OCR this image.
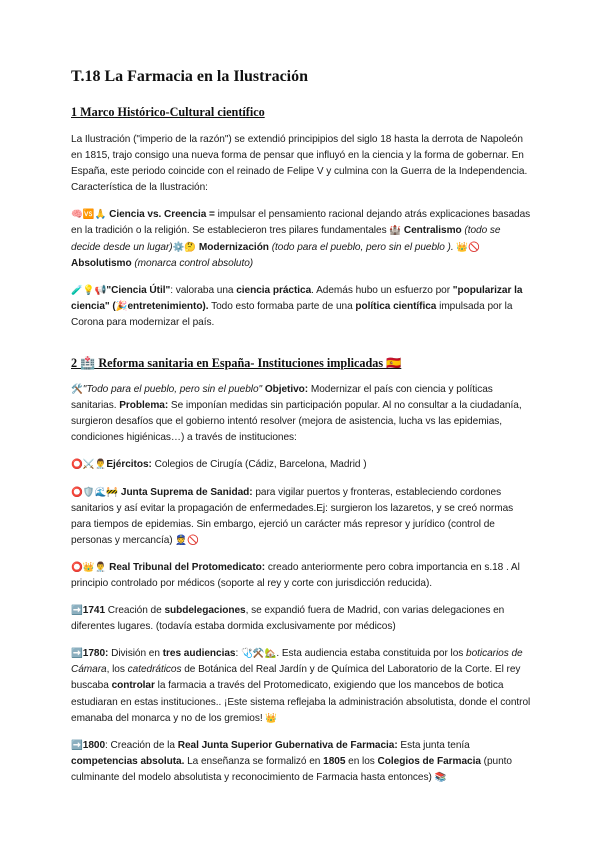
T.18 La Farmacia en la Ilustración
1 Marco Histórico-Cultural científico

La Ilustración ("imperio de la razón") se extendió principipios del siglo 18 hasta la derrota de Napoleón en 1815, trajo consigo una nueva forma de pensar que influyó en la ciencia y la forma de gobernar. En España, este periodo coincide con el reinado de Felipe V y culmina con la Guerra de la Independencia. Característica de la Ilustración:

🧠🆚🙏 Ciencia vs. Creencia = impulsar el pensamiento racional dejando atrás explicaciones basadas en la tradición o la religión. Se establecieron tres pilares fundamentales 🏰 Centralismo (todo se decide desde un lugar)⚙️🤔 Modernización (todo para el pueblo, pero sin el pueblo ). 👑🚫 Absolutismo (monarca control absoluto)

🧪💡📢"Ciencia Útil": valoraba una ciencia práctica. Además hubo un esfuerzo por "popularizar la ciencia" (🎉entretenimiento). Todo esto formaba parte de una política científica impulsada por la Corona para modernizar el país.

2 🏥 Reforma sanitaria en España- Instituciones implicadas 🇪🇸

🛠️"Todo para el pueblo, pero sin el pueblo" Objetivo: Modernizar el país con ciencia y políticas sanitarias. Problema: Se imponían medidas sin participación popular. Al no consultar a la ciudadanía, surgieron desafíos que el gobierno intentó resolver (mejora de asistencia, lucha vs las epidemias, condiciones higiénicas…) a través de instituciones:

⭕⚔️👨‍⚕️Ejércitos: Colegios de Cirugía (Cádiz, Barcelona, Madrid )

⭕🛡️🌊🚧 Junta Suprema de Sanidad: para vigilar puertos y fronteras, estableciendo cordones sanitarios y así evitar la propagación de enfermedades.Ej: surgieron los lazaretos, y se creó normas para tiempos de epidemias. Sin embargo, ejerció un carácter más represor y jurídico (control de personas y mercancía) 👮🚫

⭕👑👨‍⚕️ Real Tribunal del Protomedicato: creado anteriormente pero cobra importancia en s.18 . Al principio controlado por médicos (soporte al rey y corte con jurisdicción reducida).

➡️1741 Creación de subdelegaciones, se expandió fuera de Madrid, con varias delegaciones en diferentes lugares. (todavía estaba dormida exclusivamente por médicos)

➡️1780: División en tres audiencias: 🩺⚒️🏡. Esta audiencia estaba constituida por los boticarios de Cámara, los catedráticos de Botánica del Real Jardín y de Química del Laboratorio de la Corte. El rey buscaba controlar la farmacia a través del Protomedicato, exigiendo que los mancebos de botica estudiaran en estas instituciones.. ¡Este sistema reflejaba la administración absolutista, donde el control emanaba del monarca y no de los gremios! 👑

➡️1800: Creación de la Real Junta Superior Gubernativa de Farmacia: Esta junta tenía competencias absoluta. La enseñanza se formalizó en 1805 en los Colegios de Farmacia (punto culminante del modelo absolutista y reconocimiento de Farmacia hasta entonces) 📚
